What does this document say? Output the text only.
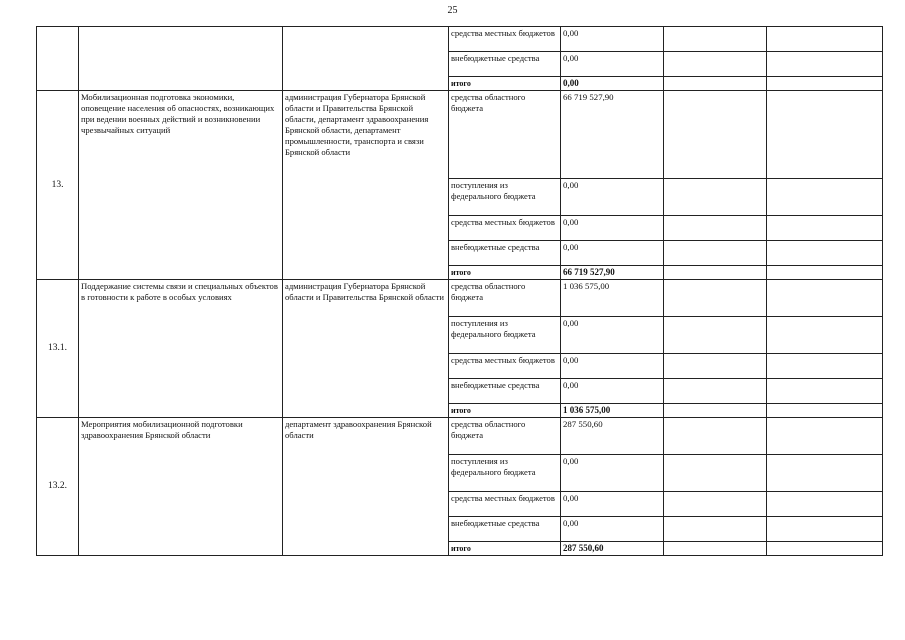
25
			средства местных бюджетов	0,00		
			внебюджетные средства	0,00		
			итого	0,00		
13.	Мобилизационная подготовка экономики, оповещение населения об опасностях, возникающих при ведении военных действий и возникновении чрезвычайных ситуаций	администрация Губернатора Брянской области и Правительства Брянской области, департамент здравоохранения Брянской области, департамент промышленности, транспорта и связи Брянской области	средства областного бюджета	66 719 527,90		
			поступления из федерального бюджета	0,00		
			средства местных бюджетов	0,00		
			внебюджетные средства	0,00		
			итого	66 719 527,90		
13.1.	Поддержание системы связи и специальных объектов в готовности к работе в особых условиях	администрация Губернатора Брянской области и Правительства Брянской области	средства областного бюджета	1 036 575,00		
			поступления из федерального бюджета	0,00		
			средства местных бюджетов	0,00		
			внебюджетные средства	0,00		
			итого	1 036 575,00		
13.2.	Мероприятия мобилизационной подготовки здравоохранения Брянской области	департамент здравоохранения Брянской области	средства областного бюджета	287 550,60		
			поступления из федерального бюджета	0,00		
			средства местных бюджетов	0,00		
			внебюджетные средства	0,00		
			итого	287 550,60		
